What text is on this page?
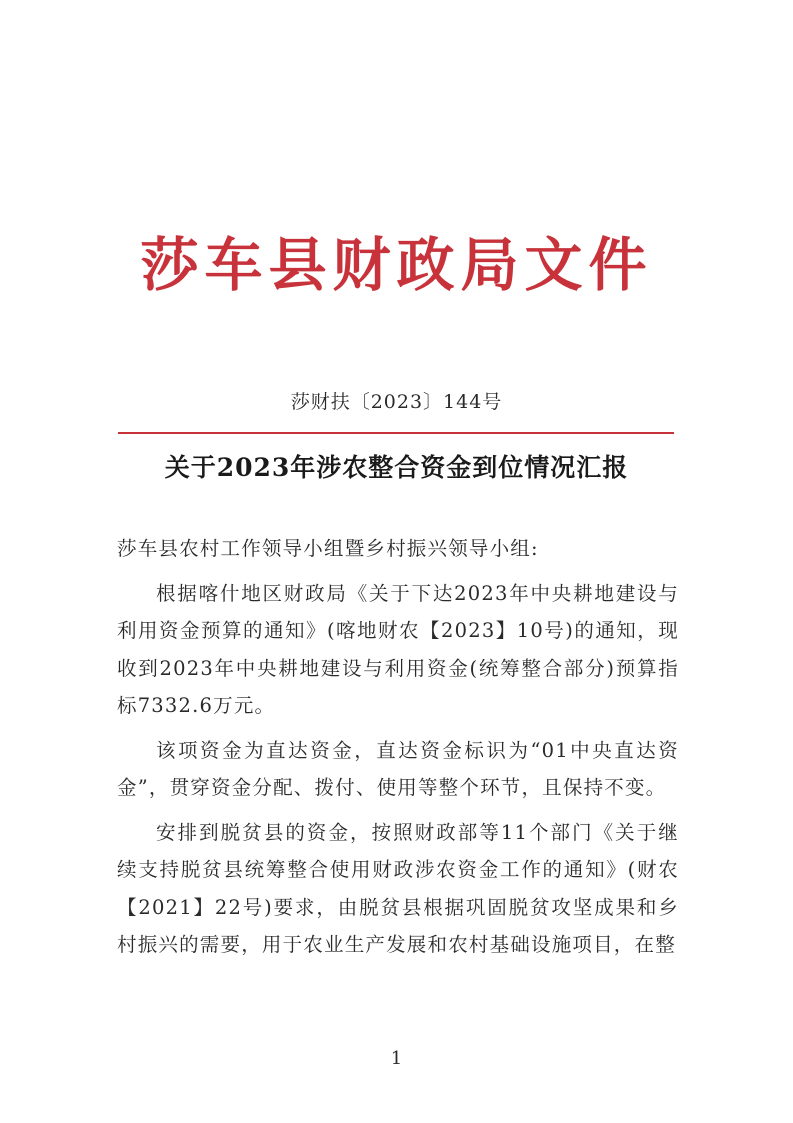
莎车县财政局文件
莎财扶〔2023〕144号
关于2023年涉农整合资金到位情况汇报

莎车县农村工作领导小组暨乡村振兴领导小组:

根据喀什地区财政局《关于下达2023年中央耕地建设与利用资金预算的通知》(喀地财农【2023】10号)的通知，现收到2023年中央耕地建设与利用资金(统筹整合部分)预算指标7332.6万元。

该项资金为直达资金，直达资金标识为“01中央直达资金”，贯穿资金分配、拨付、使用等整个环节，且保持不变。

安排到脱贫县的资金，按照财政部等11个部门《关于继续支持脱贫县统筹整合使用财政涉农资金工作的通知》(财农【2021】22号)要求，由脱贫县根据巩固脱贫攻坚成果和乡村振兴的需要，用于农业生产发展和农村基础设施项目，在整

1
